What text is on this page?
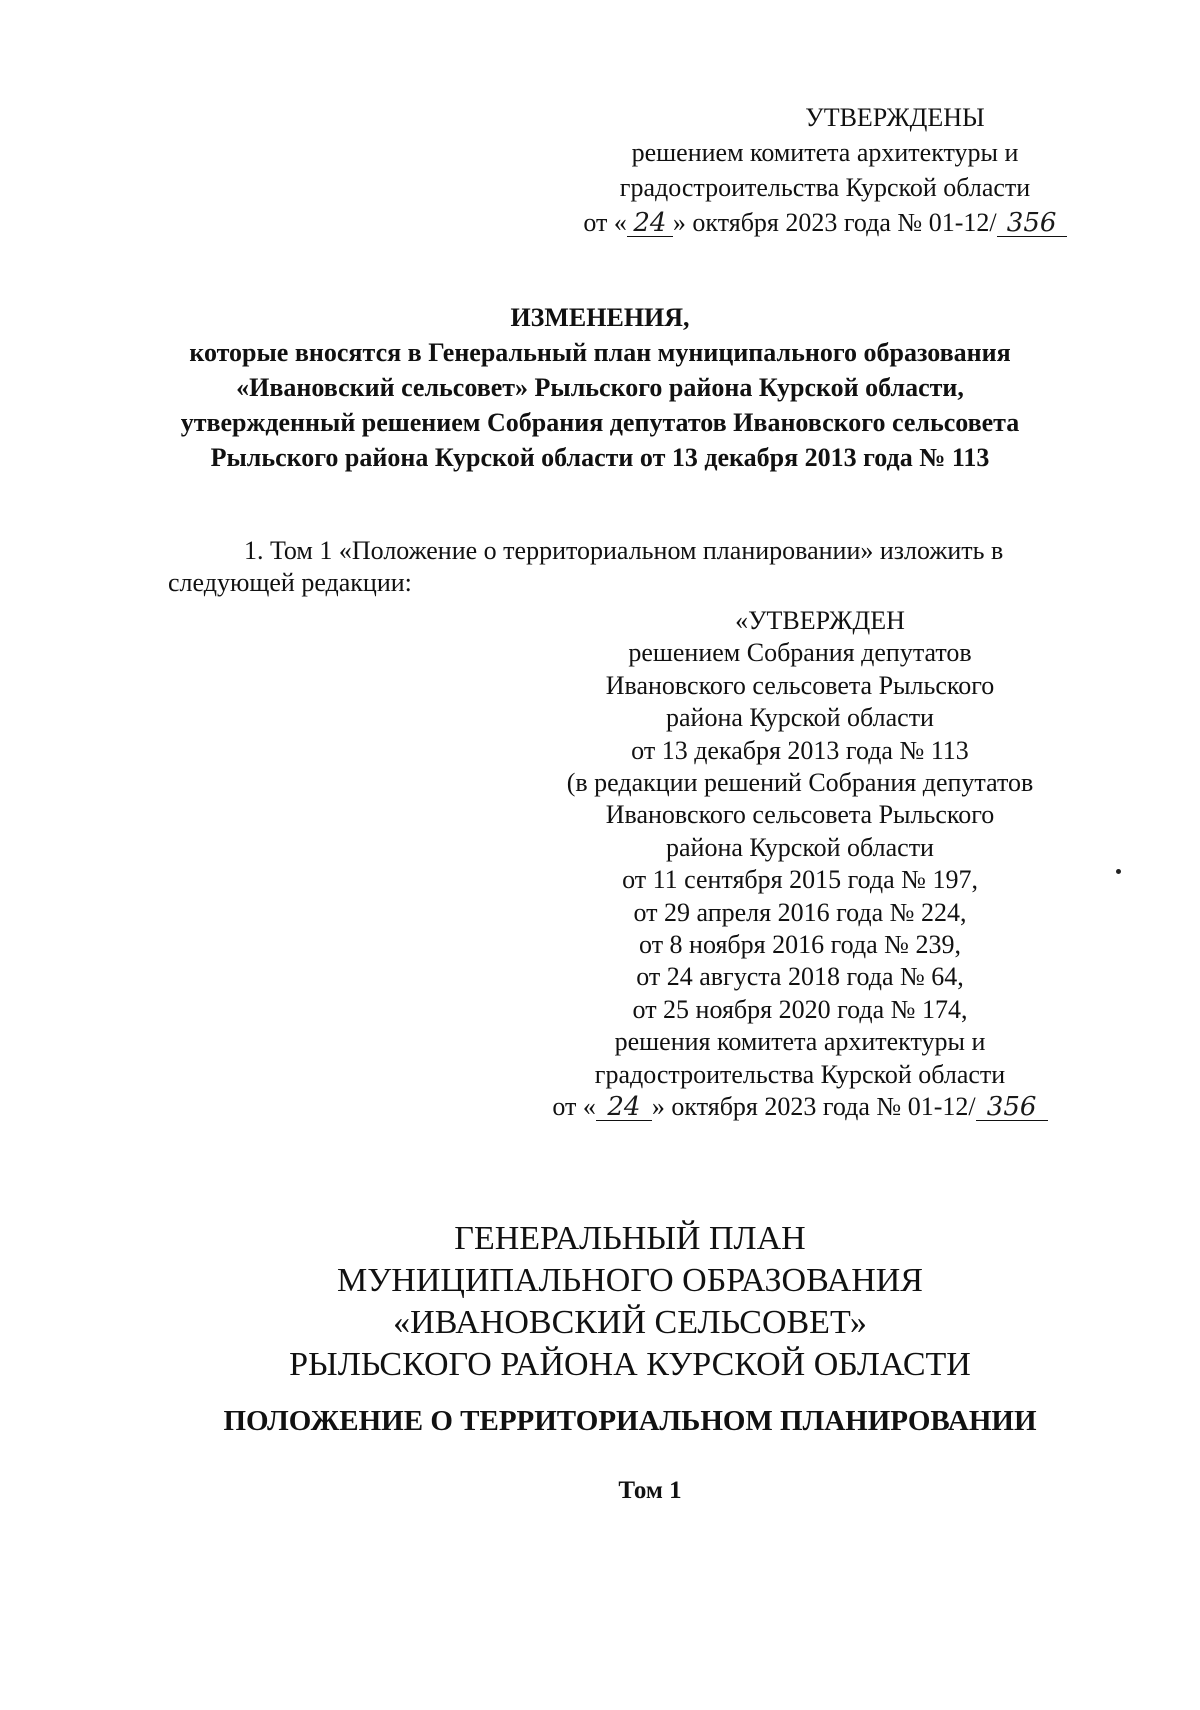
УТВЕРЖДЕНЫ
решением комитета архитектуры и
градостроительства Курской области
от « 24 » октября 2023 года № 01-12/ 356
ИЗМЕНЕНИЯ,
которые вносятся в Генеральный план муниципального образования
«Ивановский сельсовет» Рыльского района Курской области,
утвержденный решением Собрания депутатов Ивановского сельсовета
Рыльского района Курской области от 13 декабря 2013 года № 113
1. Том 1 «Положение о территориальном планировании» изложить в
следующей редакции:
«УТВЕРЖДЕН
решением Собрания депутатов
Ивановского сельсовета Рыльского
района Курской области
от 13 декабря 2013 года № 113
(в редакции решений Собрания депутатов
Ивановского сельсовета Рыльского
района Курской области
от 11 сентября 2015 года № 197,
от 29 апреля 2016 года № 224,
от 8 ноября 2016 года № 239,
от 24 августа 2018 года № 64,
от 25 ноября 2020 года № 174,
решения комитета архитектуры и
градостроительства Курской области
от « 24 » октября 2023 года № 01-12/ 356
ГЕНЕРАЛЬНЫЙ ПЛАН
МУНИЦИПАЛЬНОГО ОБРАЗОВАНИЯ
«ИВАНОВСКИЙ СЕЛЬСОВЕТ»
РЫЛЬСКОГО РАЙОНА КУРСКОЙ ОБЛАСТИ
ПОЛОЖЕНИЕ О ТЕРРИТОРИАЛЬНОМ ПЛАНИРОВАНИИ
Том 1
